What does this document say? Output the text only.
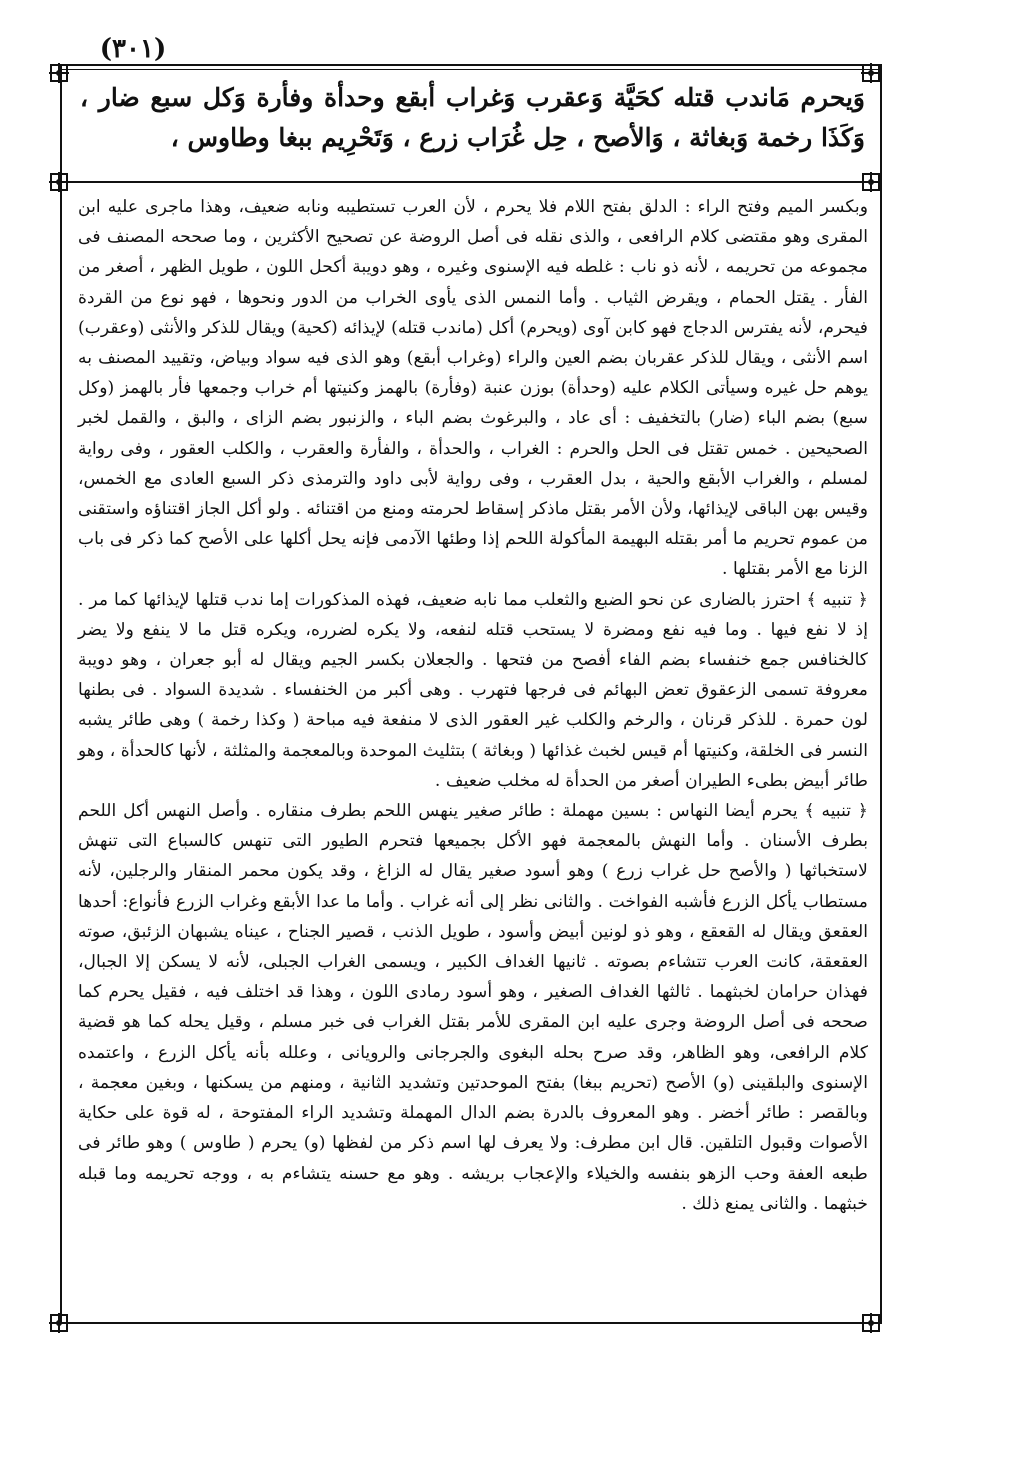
(٣٠١)
وَيحرم مَاندب قتله كحَيَّة وَعقرب وَغراب أبقع وحدأة وفأرة وَكل سبع ضار ، وَكَذَا رخمة وَبغاثة ، وَالأصح ، حِل غُرَاب زرع ، وَتَحْرِيم ببغا وطاوس ،

وبكسر الميم وفتح الراء : الدلق بفتح اللام فلا يحرم ، لأن العرب تستطيبه ونابه ضعيف، وهذا ماجرى عليه ابن المقرى وهو مقتضى كلام الرافعى ، والذى نقله فى أصل الروضة عن تصحيح الأكثرين ، وما صححه المصنف فى مجموعه من تحريمه ، لأنه ذو ناب : غلطه فيه الإسنوى وغيره ، وهو دويبة أكحل اللون ، طويل الظهر ، أصغر من الفأر . يقتل الحمام ، ويقرض الثياب . وأما النمس الذى يأوى الخراب من الدور ونحوها ، فهو نوع من القردة فيحرم، لأنه يفترس الدجاج فهو كابن آوى (ويحرم) أكل (ماندب قتله) لإيذائه (كحية) ويقال للذكر والأنثى (وعقرب) اسم الأنثى ، ويقال للذكر عقربان بضم العين والراء (وغراب أبقع) وهو الذى فيه سواد وبياض، وتقييد المصنف به يوهم حل غيره وسيأتى الكلام عليه (وحدأة) بوزن عنبة (وفأرة) بالهمز وكنيتها أم خراب وجمعها فأر بالهمز (وكل سبع) بضم الباء (ضار) بالتخفيف : أى عاد ، والبرغوث بضم الباء ، والزنبور بضم الزاى ، والبق ، والقمل لخبر الصحيحين . خمس تقتل فى الحل والحرم : الغراب ، والحدأة ، والفأرة والعقرب ، والكلب العقور ، وفى رواية لمسلم ، والغراب الأبقع والحية ، بدل العقرب ، وفى رواية لأبى داود والترمذى ذكر السبع العادى مع الخمس، وقيس بهن الباقى لإيذائها، ولأن الأمر بقتل ماذكر إسقاط لحرمته ومنع من اقتنائه . ولو أكل الجاز اقتناؤه واستقنى من عموم تحريم ما أمر بقتله البهيمة المأكولة اللحم إذا وطئها الآدمى فإنه يحل أكلها على الأصح كما ذكر فى باب الزنا مع الأمر بقتلها .

﴿ تنبيه ﴾ احترز بالضارى عن نحو الضبع والثعلب مما نابه ضعيف، فهذه المذكورات إما ندب قتلها لإيذائها كما مر . إذ لا نفع فيها . وما فيه نفع ومضرة لا يستحب قتله لنفعه، ولا يكره لضرره، ويكره قتل ما لا ينفع ولا يضر كالخنافس جمع خنفساء بضم الفاء أفصح من فتحها . والجعلان بكسر الجيم ويقال له أبو جعران ، وهو دويبة معروفة تسمى الزعقوق تعض البهائم فى فرجها فتهرب . وهى أكبر من الخنفساء . شديدة السواد . فى بطنها لون حمرة . للذكر قرنان ، والرخم والكلب غير العقور الذى لا منفعة فيه مباحة ( وكذا رخمة ) وهى طائر يشبه النسر فى الخلقة، وكنيتها أم قيس لخبث غذائها ( وبغاثة ) بتثليث الموحدة وبالمعجمة والمثلثة ، لأنها كالحدأة ، وهو طائر أبيض بطىء الطيران أصغر من الحدأة له مخلب ضعيف .

﴿ تنبيه ﴾ يحرم أيضا النهاس : بسين مهملة : طائر صغير ينهس اللحم بطرف منقاره . وأصل النهس أكل اللحم بطرف الأسنان . وأما النهش بالمعجمة فهو الأكل بجميعها فتحرم الطيور التى تنهس كالسباع التى تنهش لاستخباثها ( والأصح حل غراب زرع ) وهو أسود صغير يقال له الزاغ ، وقد يكون محمر المنقار والرجلين، لأنه مستطاب يأكل الزرع فأشبه الفواخت . والثانى نظر إلى أنه غراب . وأما ما عدا الأبقع وغراب الزرع فأنواع: أحدها العقعق ويقال له القعقع ، وهو ذو لونين أبيض وأسود ، طويل الذنب ، قصير الجناح ، عيناه يشبهان الزئبق، صوته العقعقة، كانت العرب تتشاءم بصوته . ثانيها الغداف الكبير ، ويسمى الغراب الجبلى، لأنه لا يسكن إلا الجبال، فهذان حرامان لخبثهما . ثالثها الغداف الصغير ، وهو أسود رمادى اللون ، وهذا قد اختلف فيه ، فقيل يحرم كما صححه فى أصل الروضة وجرى عليه ابن المقرى للأمر بقتل الغراب فى خبر مسلم ، وقيل يحله كما هو قضية كلام الرافعى، وهو الظاهر، وقد صرح بحله البغوى والجرجانى والرويانى ، وعلله بأنه يأكل الزرع ، واعتمده الإسنوى والبلقينى (و) الأصح (تحريم ببغا) بفتح الموحدتين وتشديد الثانية ، ومنهم من يسكنها ، وبغين معجمة ، وبالقصر : طائر أخضر . وهو المعروف بالدرة بضم الدال المهملة وتشديد الراء المفتوحة ، له قوة على حكاية الأصوات وقبول التلقين. قال ابن مطرف: ولا يعرف لها اسم ذكر من لفظها (و) يحرم ( طاوس ) وهو طائر فى طبعه العفة وحب الزهو بنفسه والخيلاء والإعجاب بريشه . وهو مع حسنه يتشاءم به ، ووجه تحريمه وما قبله خبثهما . والثانى يمنع ذلك .
